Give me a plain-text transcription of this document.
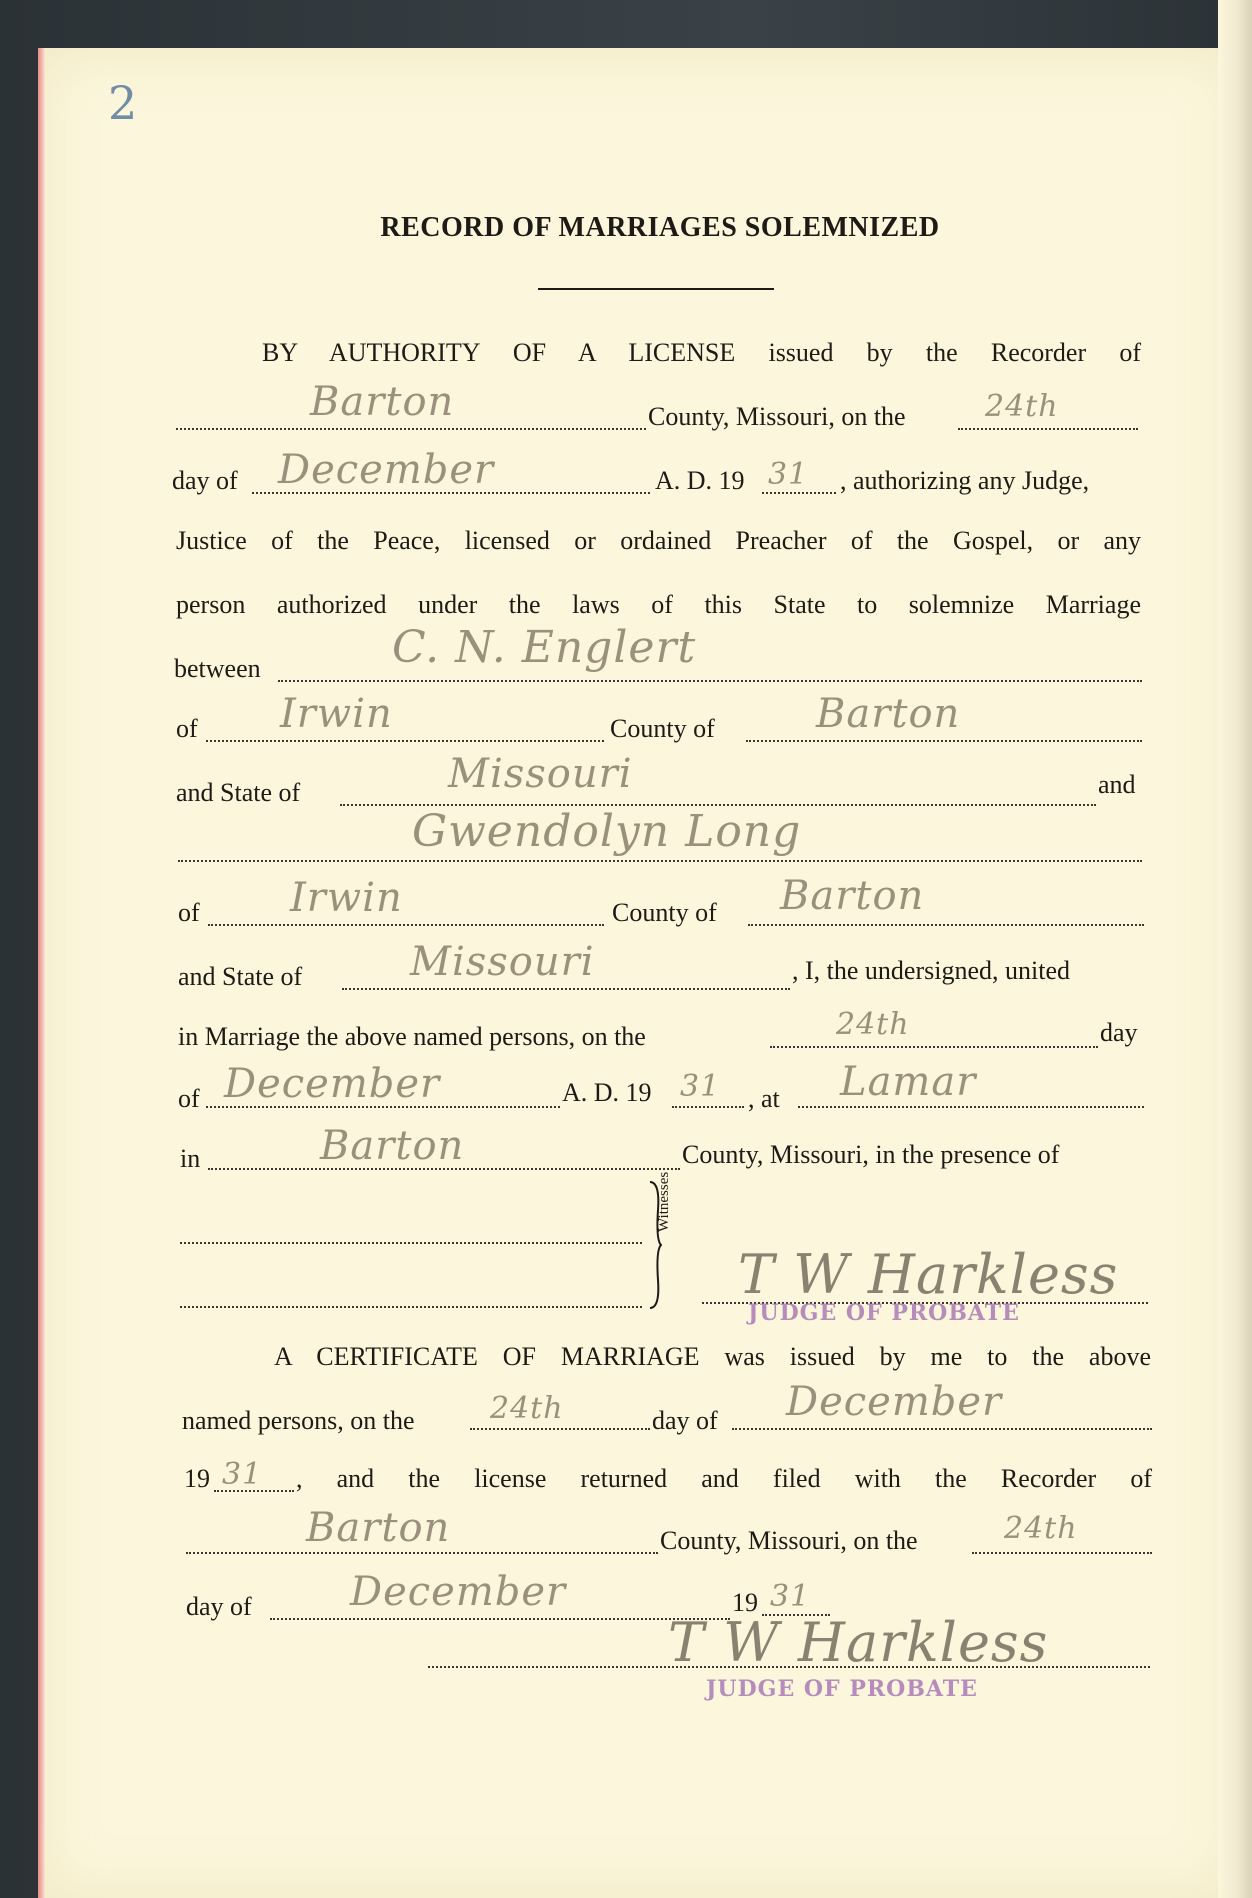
2
RECORD OF MARRIAGES SOLEMNIZED
BY AUTHORITY OF A LICENSE issued by the Recorder of
Barton	County, Missouri, on the	24th
day of December	A. D. 19 31 , authorizing any Judge,
Justice of the Peace, licensed or ordained Preacher of the Gospel, or any
person authorized under the laws of this State to solemnize Marriage
between	C. N. Englert
of Irwin	County of	Barton
and State of	Missouri	and
Gwendolyn Long
of Irwin	County of Barton
and State of	Missouri	, I, the undersigned, united
in Marriage the above named persons, on the	24th	day
of December	A. D. 19 31 , at Lamar
in	Barton	County, Missouri, in the presence of
Witnesses
T W Harkless
JUDGE OF PROBATE
A CERTIFICATE OF MARRIAGE was issued by me to the above
named persons, on the	24th	day of December
19 31 , and the license returned and filed with the Recorder of
Barton	County, Missouri, on the	24th
day of December	19 31
T W Harkless
JUDGE OF PROBATE
